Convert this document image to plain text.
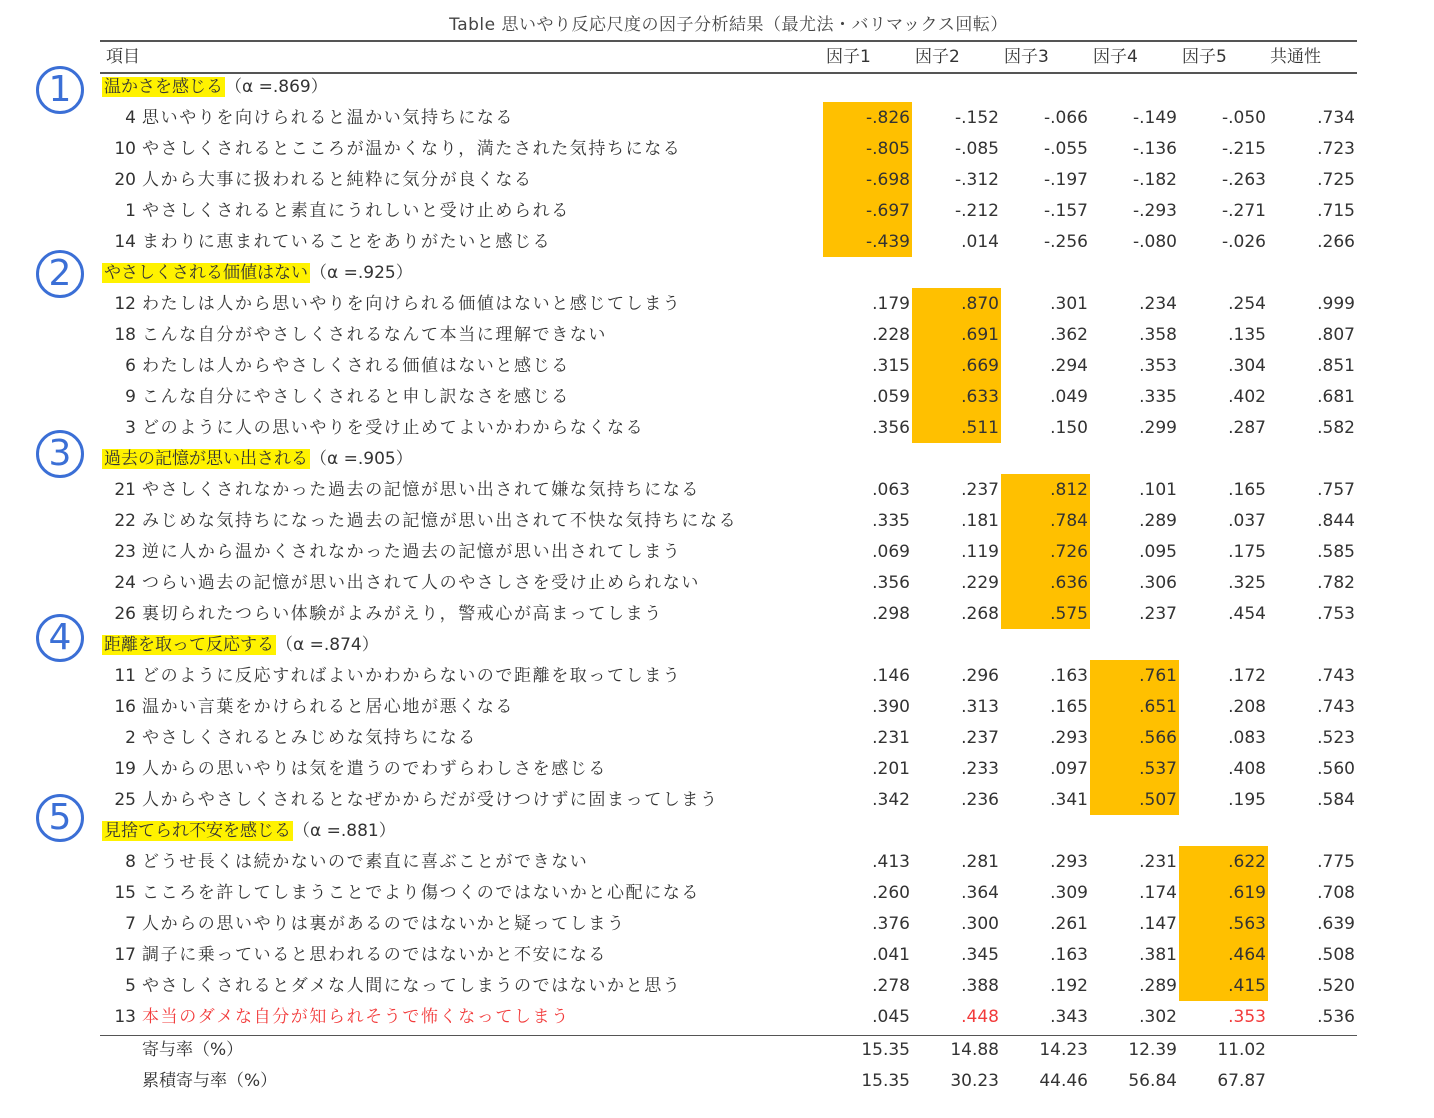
Table 思いやり反応尺度の因子分析結果（最尤法・バリマックス回転）
項目	因子1	因子2	因子3	因子4	因子5	共通性
1	温かさを感じる （α =.869）
4 思いやりを向けられると温かい気持ちになる	-.826	-.152	-.066	-.149	-.050	.734
10 やさしくされるとこころが温かくなり，満たされた気持ちになる	-.805	-.085	-.055	-.136	-.215	.723
20 人から大事に扱われると純粋に気分が良くなる	-.698	-.312	-.197	-.182	-.263	.725
1 やさしくされると素直にうれしいと受け止められる	-.697	-.212	-.157	-.293	-.271	.715
14 まわりに恵まれていることをありがたいと感じる	-.439	.014	-.256	-.080	-.026	.266
2	やさしくされる価値はない （α =.925）
12 わたしは人から思いやりを向けられる価値はないと感じてしまう	.179	.870	.301	.234	.254	.999
18 こんな自分がやさしくされるなんて本当に理解できない	.228	.691	.362	.358	.135	.807
6 わたしは人からやさしくされる価値はないと感じる	.315	.669	.294	.353	.304	.851
9 こんな自分にやさしくされると申し訳なさを感じる	.059	.633	.049	.335	.402	.681
3 どのように人の思いやりを受け止めてよいかわからなくなる	.356	.511	.150	.299	.287	.582
3	過去の記憶が思い出される （α =.905）
21 やさしくされなかった過去の記憶が思い出されて嫌な気持ちになる	.063	.237	.812	.101	.165	.757
22 みじめな気持ちになった過去の記憶が思い出されて不快な気持ちになる	.335	.181	.784	.289	.037	.844
23 逆に人から温かくされなかった過去の記憶が思い出されてしまう	.069	.119	.726	.095	.175	.585
24 つらい過去の記憶が思い出されて人のやさしさを受け止められない	.356	.229	.636	.306	.325	.782
26 裏切られたつらい体験がよみがえり，警戒心が高まってしまう	.298	.268	.575	.237	.454	.753
4	距離を取って反応する （α =.874）
11 どのように反応すればよいかわからないので距離を取ってしまう	.146	.296	.163	.761	.172	.743
16 温かい言葉をかけられると居心地が悪くなる	.390	.313	.165	.651	.208	.743
2 やさしくされるとみじめな気持ちになる	.231	.237	.293	.566	.083	.523
19 人からの思いやりは気を遣うのでわずらわしさを感じる	.201	.233	.097	.537	.408	.560
25 人からやさしくされるとなぜかからだが受けつけずに固まってしまう	.342	.236	.341	.507	.195	.584
5	見捨てられ不安を感じる （α =.881）
8 どうせ長くは続かないので素直に喜ぶことができない	.413	.281	.293	.231	.622	.775
15 こころを許してしまうことでより傷つくのではないかと心配になる	.260	.364	.309	.174	.619	.708
7 人からの思いやりは裏があるのではないかと疑ってしまう	.376	.300	.261	.147	.563	.639
17 調子に乗っていると思われるのではないかと不安になる	.041	.345	.163	.381	.464	.508
5 やさしくされるとダメな人間になってしまうのではないかと思う	.278	.388	.192	.289	.415	.520
13 本当のダメな自分が知られそうで怖くなってしまう	.045	.448	.343	.302	.353	.536
寄与率（%）	15.35	14.88	14.23	12.39	11.02
累積寄与率（%）	15.35	30.23	44.46	56.84	67.87
